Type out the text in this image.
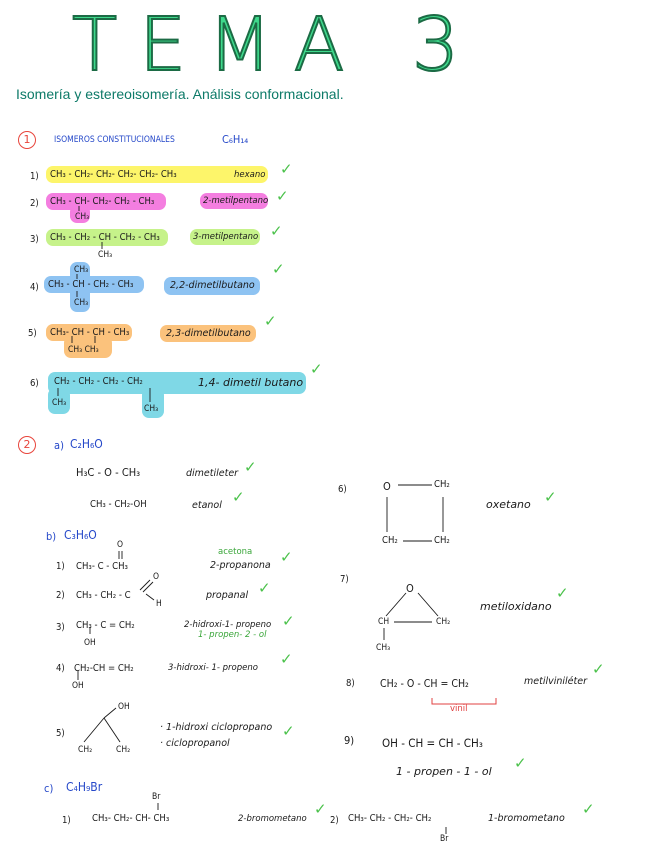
TEMA 3
Isomería y estereoisomería. Análisis conformacional.
1	ISOMEROS CONSTITUCIONALES	C₆H₁₄
1) CH₃ - CH₂- CH₂- CH₂- CH₂- CH₃	hexano ✓
2) CH₃ - CH- CH₂- CH₂ - CH₃
CH₃
2-metilpentano ✓
3) CH₃ - CH₂ - CH - CH₂ - CH₃
CH₃
3-metilpentano ✓
4)
CH₃
CH₃ - CH - CH₂ - CH₃
CH₃
2,2-dimetilbutano
✓
5) CH₃- CH - CH - CH₃
CH₃ CH₃
2,3-dimetilbutano
✓
6) CH₂ - CH₂ - CH₂ - CH₂
CH₃
CH₃
1,4- dimetil butano
✓
2	a) C₂H₆O
H₃C - O - CH₃	dimetileter ✓
CH₃ - CH₂-OH	etanol ✓
b) C₃H₆O
1)
O
CH₃- C - CH₃
acetona
2-propanona ✓
2)
O
CH₃ - CH₂ - C
H
propanal ✓
3) CH₃ - C = CH₂
OH
2-hidroxi-1- propeno
1- propen- 2 - ol
✓
4) CH₂-CH = CH₂
OH
3-hidroxi- 1- propeno ✓
5)
OH
CH₂	CH₂
· 1-hidroxi ciclopropano
· ciclopropanol
✓
c) C₄H₉Br
1)
Br
CH₃- CH₂- CH- CH₃	2-bromometano
✓
2) CH₃- CH₂ - CH₂- CH₂
Br
1-bromometano
✓
6)	O	CH₂
CH₂	CH₂
oxetano ✓
7)
O
CH	CH₂
CH₃
metiloxidano
✓
8) CH₂ - O - CH = CH₂
vinil
metilviniléter
✓
9) OH - CH = CH - CH₃
1 - propen - 1 - ol ✓
